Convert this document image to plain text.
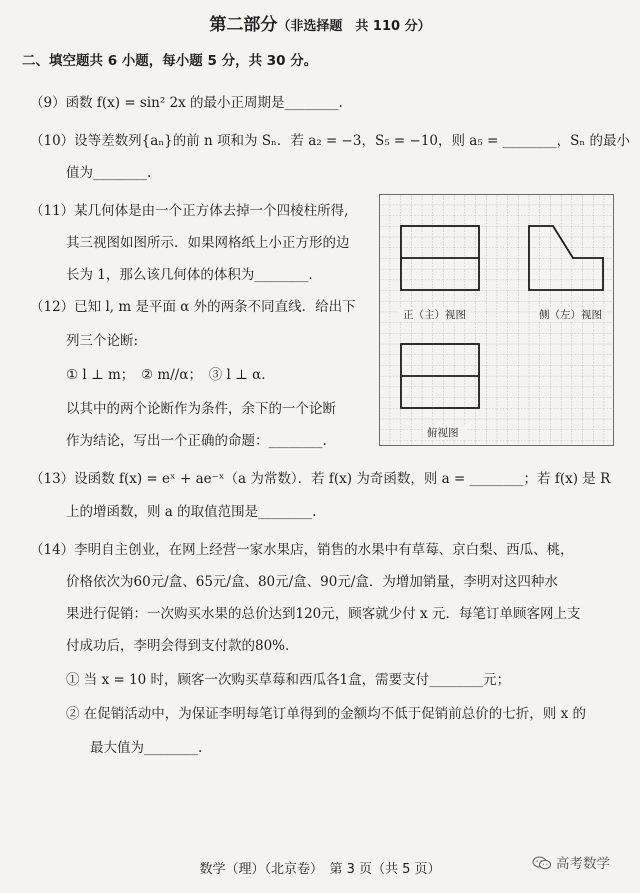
第二部分（非选择题　共 110 分）
二、填空题共 6 小题，每小题 5 分，共 30 分。
（9）函数 f(x) = sin² 2x 的最小正周期是________.
（10）设等差数列{aₙ}的前 n 项和为 Sₙ．若 a₂ = −3，S₅ = −10，则 a₅ = ________，Sₙ 的最小
值为________.
（11）某几何体是由一个正方体去掉一个四棱柱所得,
其三视图如图所示．如果网格纸上小正方形的边
长为 1，那么该几何体的体积为________.
（12）已知 l, m 是平面 α 外的两条不同直线．给出下
列三个论断:
① l ⊥ m；　② m//α；　③ l ⊥ α．
以其中的两个论断作为条件，余下的一个论断
作为结论，写出一个正确的命题：________.
正（主）视图	侧（左）视图
俯视图
（13）设函数 f(x) = eˣ + ae⁻ˣ（a 为常数）．若 f(x) 为奇函数，则 a = ________；若 f(x) 是 R
上的增函数，则 a 的取值范围是________.
（14）李明自主创业，在网上经营一家水果店，销售的水果中有草莓、京白梨、西瓜、桃，
价格依次为60元/盒、65元/盒、80元/盒、90元/盒．为增加销量，李明对这四种水
果进行促销：一次购买水果的总价达到120元，顾客就少付 x 元．每笔订单顾客网上支
付成功后，李明会得到支付款的80%．
① 当 x = 10 时，顾客一次购买草莓和西瓜各1盒，需要支付________元；
② 在促销活动中，为保证李明每笔订单得到的金额均不低于促销前总价的七折，则 x 的
最大值为________.
数学（理）（北京卷）　第 3 页（共 5 页）	高考数学
